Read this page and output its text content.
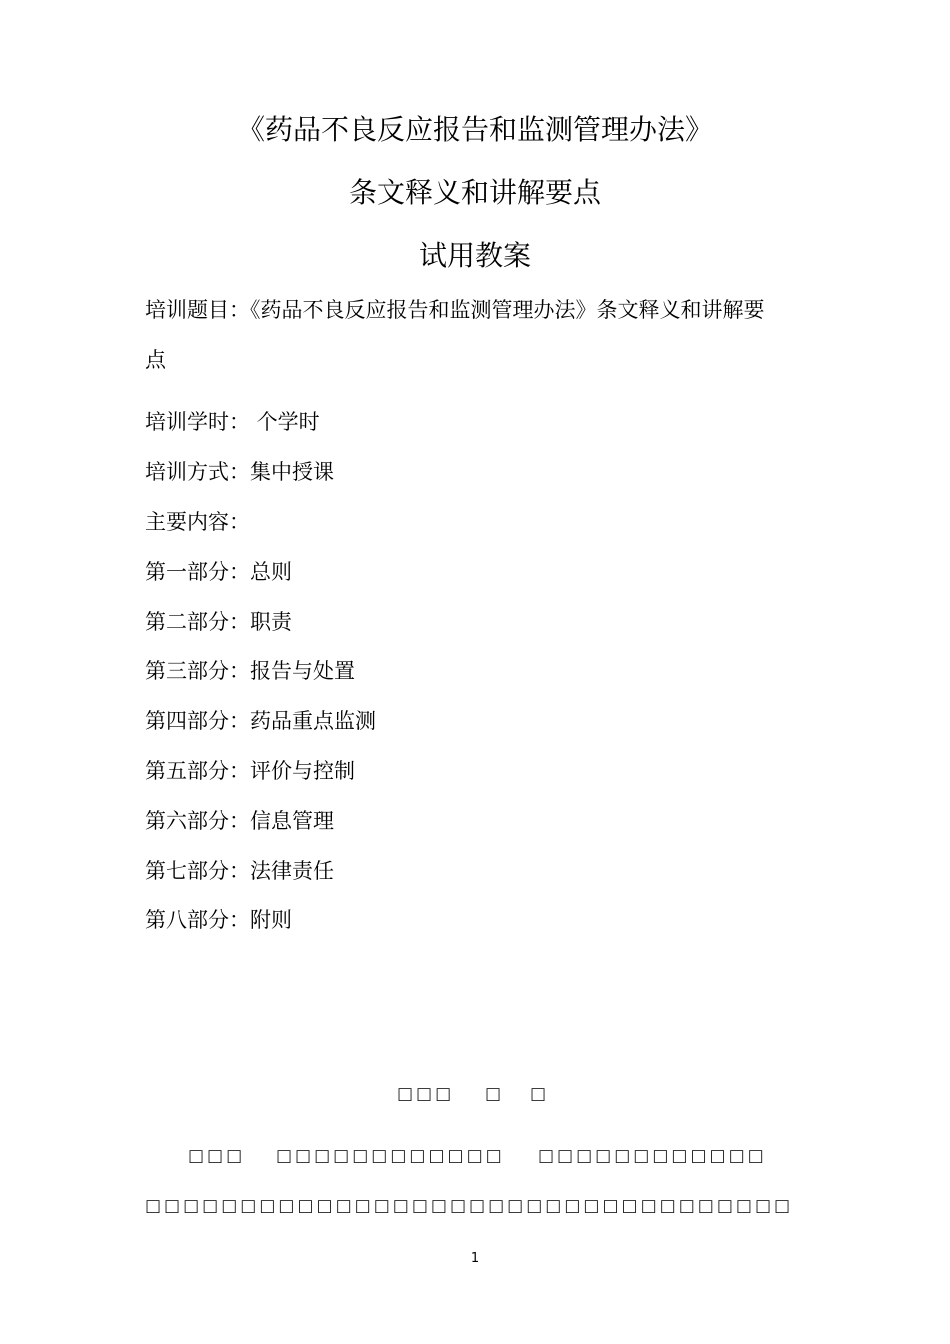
《药品不良反应报告和监测管理办法》
条文释义和讲解要点
试用教案
培训题目：《药品不良反应报告和监测管理办法》条文释义和讲解要
点
培训学时： 个学时
培训方式：集中授课
主要内容：
第一部分：总则
第二部分：职责
第三部分：报告与处置
第四部分：药品重点监测
第五部分：评价与控制
第六部分：信息管理
第七部分：法律责任
第八部分：附则
□□□ □ □
□□□ □□□□□□□□□□□□ □□□□□□□□□□□□
□□□□□□□□□□□□□□□□□□□□□□□□□□□□□□□□□□
1
